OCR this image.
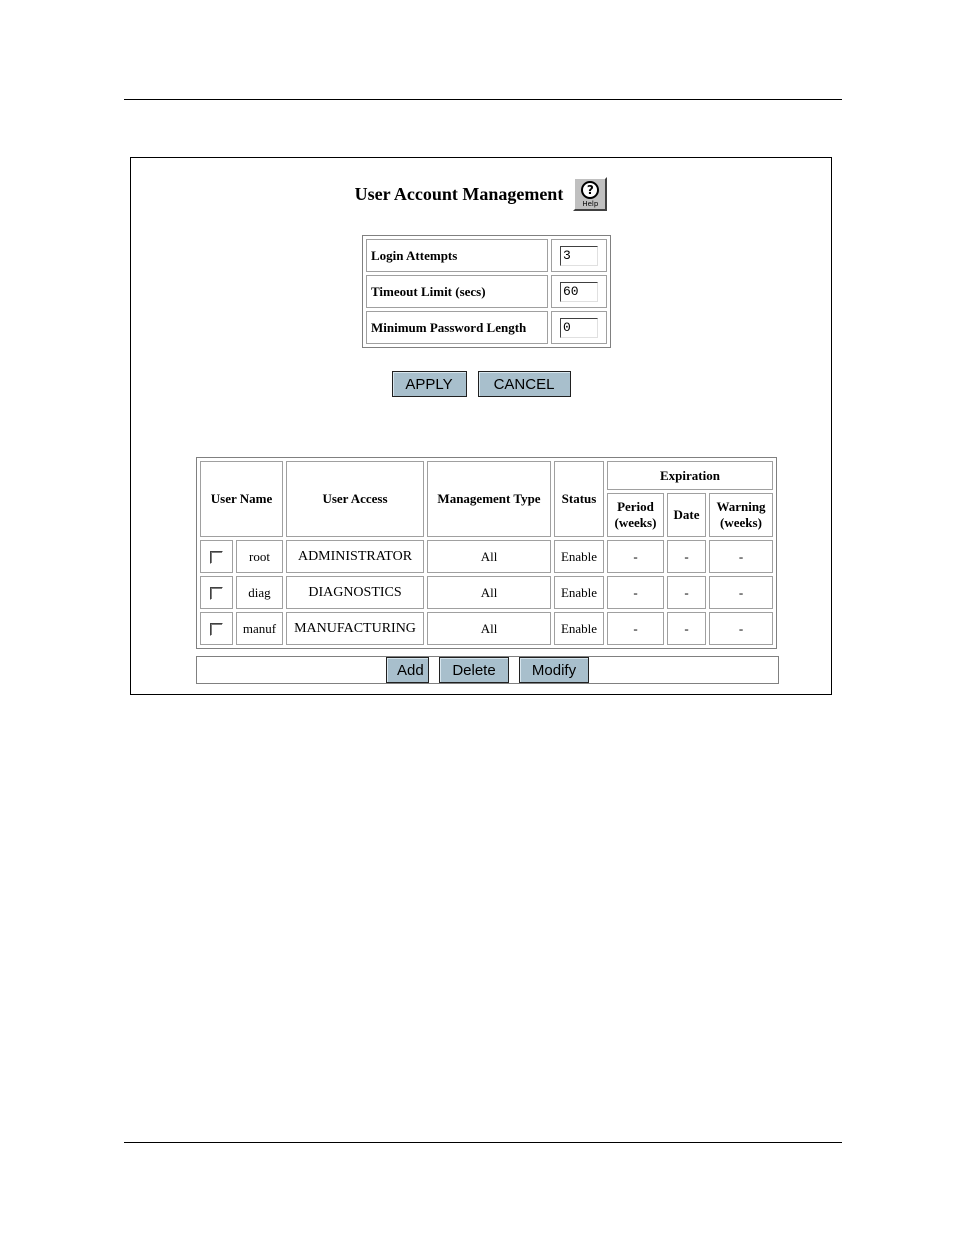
User Account Management	?
Help
Login Attempts	3
Timeout Limit (secs)	60
Minimum Password Length	0
APPLY	CANCEL
User Name		User Access	Management Type	Status	Expiration		
					Period (weeks)	Date	Warning (weeks)
	root	ADMINISTRATOR	All	Enable	-	-	-
	diag	DIAGNOSTICS	All	Enable	-	-	-
	manuf	MANUFACTURING	All	Enable	-	-	-
Add	Delete	Modify
